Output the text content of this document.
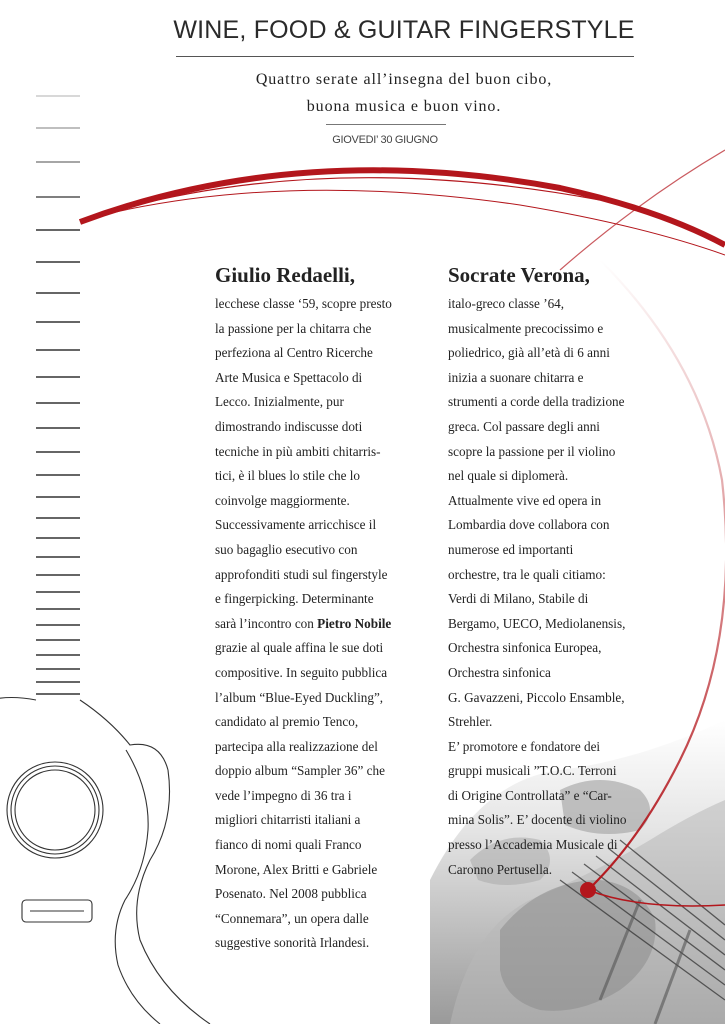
WINE, FOOD & GUITAR FINGERSTYLE
Quattro serate all’insegna del buon cibo,
buona musica e buon vino.
GIOVEDI’ 30 GIUGNO
Giulio Redaelli,

lecchese classe ‘59, scopre presto
la passione per la chitarra che
perfeziona al Centro Ricerche
Arte Musica e Spettacolo di
Lecco. Inizialmente, pur
dimostrando indiscusse doti
tecniche in più ambiti chitarris-
tici, è il blues lo stile che lo
coinvolge maggiormente.
Successivamente arricchisce il
suo bagaglio esecutivo con
approfonditi studi sul fingerstyle
e fingerpicking. Determinante
sarà l’incontro con Pietro Nobile
grazie al quale affina le sue doti
compositive. In seguito pubblica
l’album “Blue-Eyed Duckling”,
candidato al premio Tenco,
partecipa alla realizzazione del
doppio album “Sampler 36” che
vede l’impegno di 36 tra i
migliori chitarristi italiani a
fianco di nomi quali Franco
Morone, Alex Britti e Gabriele
Posenato. Nel 2008 pubblica
“Connemara”, un opera dalle
suggestive sonorità Irlandesi.

Socrate Verona,

italo-greco classe ’64,
musicalmente precocissimo e
poliedrico, già all’età di 6 anni
inizia a suonare chitarra e
strumenti a corde della tradizione
greca. Col passare degli anni
scopre la passione per il violino
nel quale si diplomerà.
Attualmente vive ed opera in
Lombardia dove collabora con
numerose ed importanti
orchestre, tra le quali citiamo:
Verdi di Milano, Stabile di
Bergamo, UECO, Mediolanensis,
Orchestra sinfonica Europea,
Orchestra sinfonica
G. Gavazzeni, Piccolo Ensamble,
Strehler.
E’ promotore e fondatore dei
gruppi musicali ”T.O.C. Terroni
di Origine Controllata” e “Car-
mina Solis”. E’ docente di violino
presso l’Accademia Musicale di
Caronno Pertusella.
